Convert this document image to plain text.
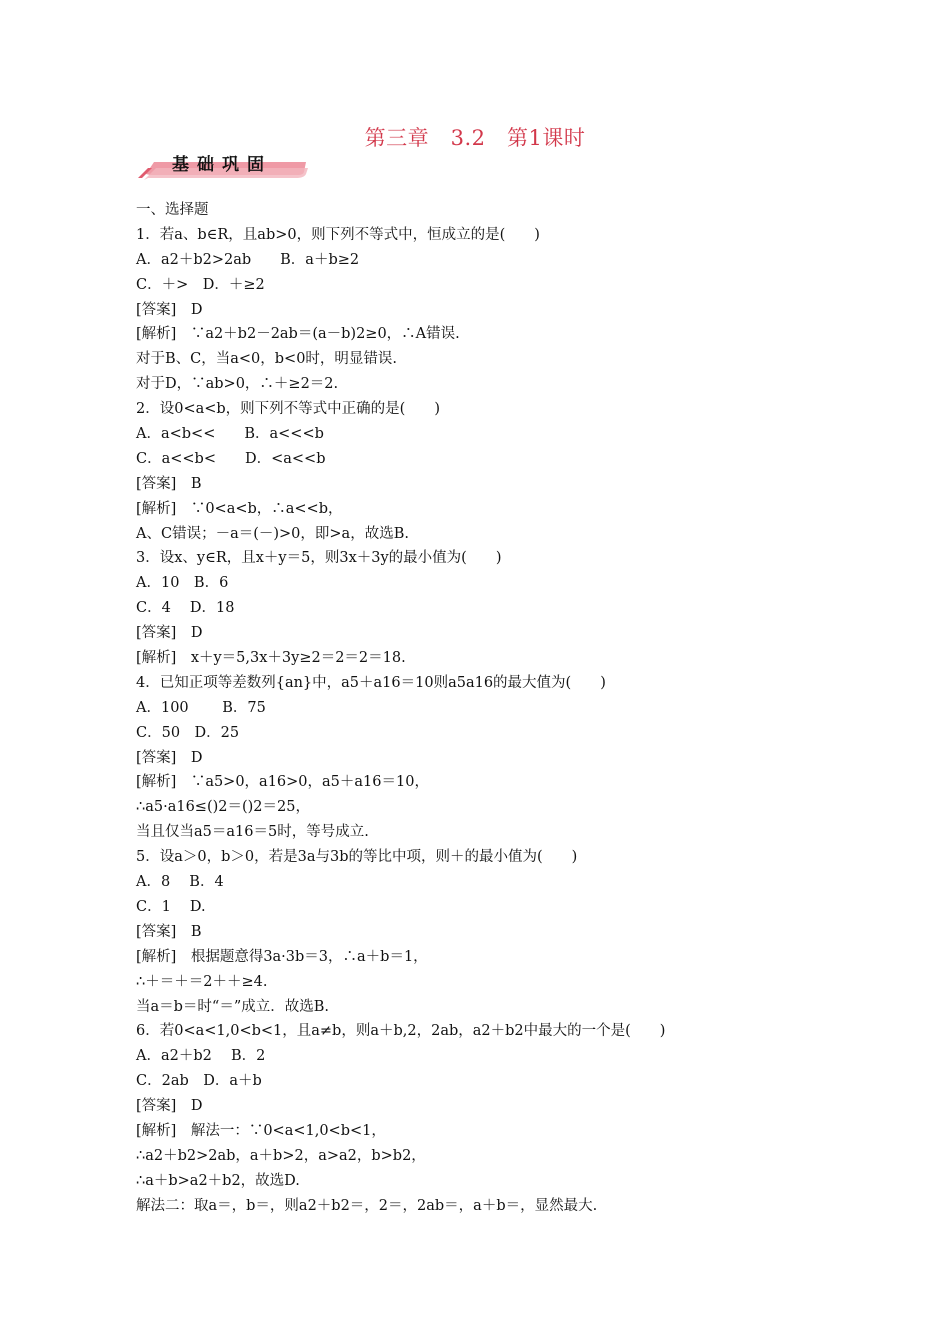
第三章　3.2　第1课时
基础巩固
一、选择题
1．若a、b∈R，且ab>0，则下列不等式中，恒成立的是(　　)
A．a2＋b2>2ab　　B．a＋b≥2
C．＋>　D．＋≥2
[答案]　D
[解析]　∵a2＋b2－2ab＝(a－b)2≥0，∴A错误.
对于B、C，当a<0，b<0时，明显错误.
对于D，∵ab>0，∴＋≥2＝2.
2．设0<a<b，则下列不等式中正确的是(　　)
A．a<b<<　　B．a<<<b
C．a<<b<　　D．<a<<b
[答案]　B
[解析]　∵0<a<b，∴a<<b，
A、C错误；－a＝(－)>0，即>a，故选B.
3．设x、y∈R，且x＋y＝5，则3x＋3y的最小值为(　　)
A．10　B．6
C．4　 D．18
[答案]　D
[解析]　x＋y＝5,3x＋3y≥2＝2＝2＝18.
4．已知正项等差数列{an}中，a5＋a16＝10则a5a16的最大值为(　　)
A．100　　 B．75
C．50　D．25
[答案]　D
[解析]　∵a5>0，a16>0，a5＋a16＝10，
∴a5·a16≤()2＝()2＝25，
当且仅当a5＝a16＝5时，等号成立.
5．设a＞0，b＞0，若是3a与3b的等比中项，则＋的最小值为(　　)
A．8　 B．4
C．1　 D.
[答案]　B
[解析]　根据题意得3a·3b＝3，∴a＋b＝1，
∴＋＝＋＝2＋＋≥4.
当a＝b＝时“＝”成立．故选B.
6．若0<a<1,0<b<1，且a≠b，则a＋b,2，2ab，a2＋b2中最大的一个是(　　)
A．a2＋b2　 B．2
C．2ab　D．a＋b
[答案]　D
[解析]　解法一：∵0<a<1,0<b<1，
∴a2＋b2>2ab，a＋b>2，a>a2，b>b2，
∴a＋b>a2＋b2，故选D.
解法二：取a＝，b＝，则a2＋b2＝，2＝，2ab＝，a＋b＝，显然最大.
